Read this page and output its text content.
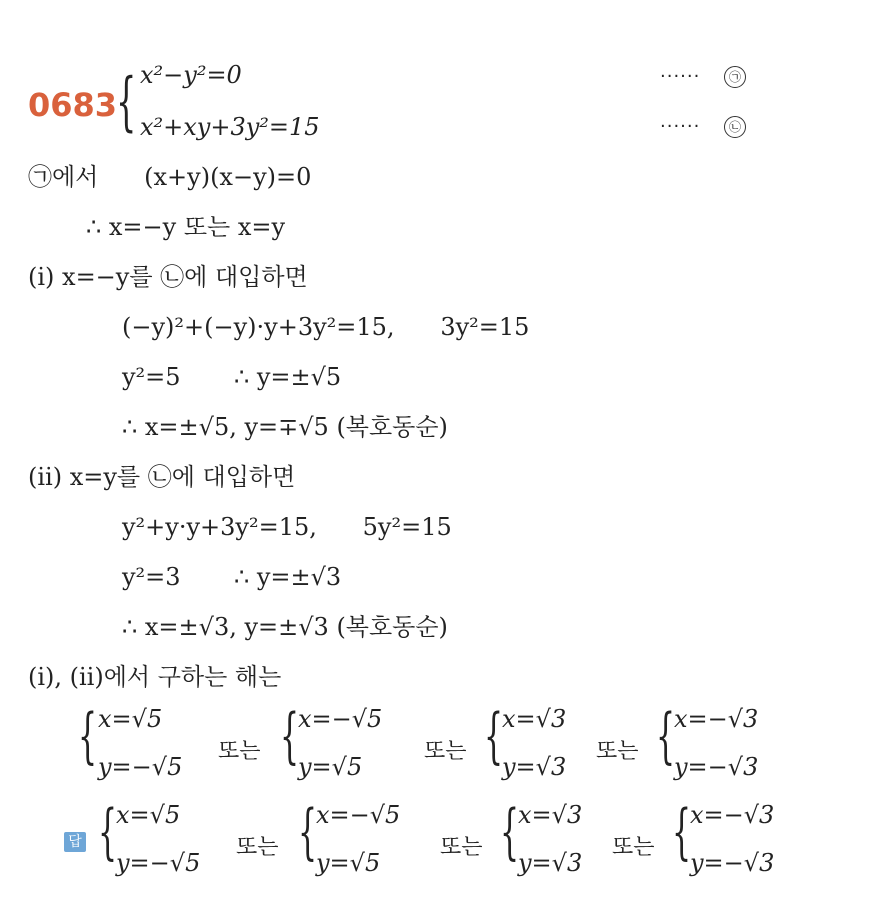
0683
{ x²−y²=0
x²+xy+3y²=15
······	㉠
······	㉡
㉠에서      (x+y)(x−y)=0
∴ x=−y 또는 x=y
(ⅰ) x=−y를 ㉡에 대입하면
(−y)²+(−y)·y+3y²=15,      3y²=15
y²=5       ∴ y=±√5
∴ x=±√5, y=∓√5 (복호동순)
(ⅱ) x=y를 ㉡에 대입하면
y²+y·y+3y²=15,      5y²=15
y²=3       ∴ y=±√3
∴ x=±√3, y=±√3 (복호동순)
(ⅰ), (ⅱ)에서 구하는 해는
{ x=√5
y=−√5
또는 {
x=−√5
y=√5
또는 {
x=√3
y=√3
또는 {
x=−√3
y=−√3
답 {
x=√5
y=−√5
또는 {
x=−√5
y=√5
또는 {
x=√3
y=√3
또는 {
x=−√3
y=−√3
